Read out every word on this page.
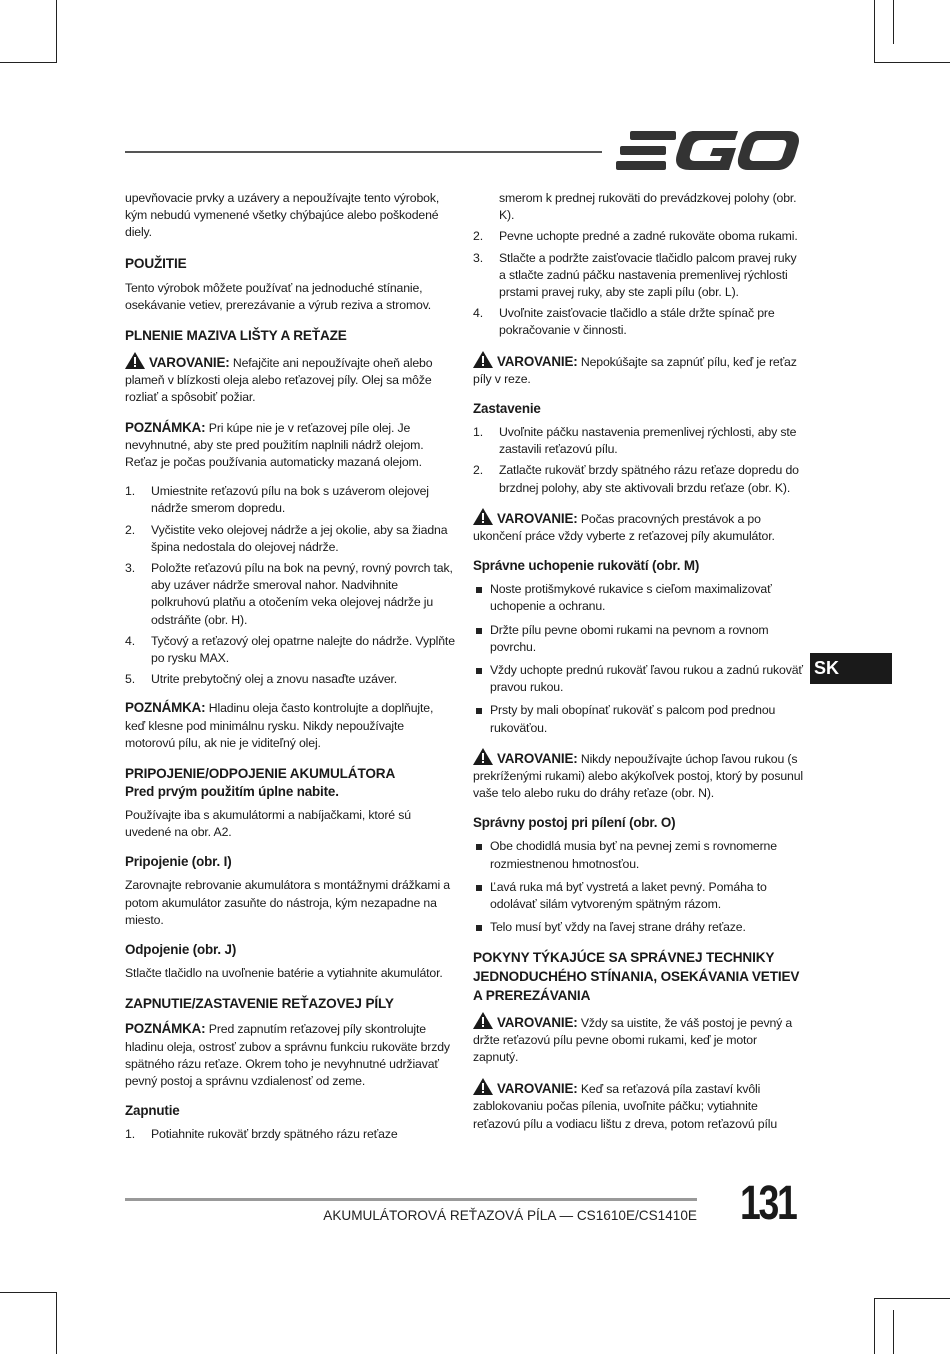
SK

upevňovacie prvky a uzávery a nepoužívajte tento výrobok, kým nebudú vymenené všetky chýbajúce alebo poškodené diely.

POUŽITIE

Tento výrobok môžete používať na jednoduché stínanie, osekávanie vetiev, prerezávanie a výrub reziva a stromov.

PLNENIE MAZIVA LIŠTY A REŤAZE

VAROVANIE: Nefajčite ani nepoužívajte oheň alebo plameň v blízkosti oleja alebo reťazovej píly. Olej sa môže rozliať a spôsobiť požiar.

POZNÁMKA: Pri kúpe nie je v reťazovej píle olej. Je nevyhnutné, aby ste pred použitím naplnili nádrž olejom. Reťaz je počas používania automaticky mazaná olejom.

1. Umiestnite reťazovú pílu na bok s uzáverom olejovej nádrže smerom dopredu.
2. Vyčistite veko olejovej nádrže a jej okolie, aby sa žiadna špina nedostala do olejovej nádrže.
3. Položte reťazovú pílu na bok na pevný, rovný povrch tak, aby uzáver nádrže smeroval nahor. Nadvihnite polkruhovú platňu a otočením veka olejovej nádrže ju odstráňte (obr. H).
4. Tyčový a reťazový olej opatrne nalejte do nádrže. Vyplňte po rysku MAX.
5. Utrite prebytočný olej a znovu nasaďte uzáver.

POZNÁMKA: Hladinu oleja často kontrolujte a doplňujte, keď klesne pod minimálnu rysku. Nikdy nepoužívajte motorovú pílu, ak nie je viditeľný olej.

PRIPOJENIE/ODPOJENIE AKUMULÁTORA
Pred prvým použitím úplne nabite.

Používajte iba s akumulátormi a nabíjačkami, ktoré sú uvedené na obr. A2.

Pripojenie (obr. I)

Zarovnajte rebrovanie akumulátora s montážnymi drážkami a potom akumulátor zasuňte do nástroja, kým nezapadne na miesto.

Odpojenie (obr. J)

Stlačte tlačidlo na uvoľnenie batérie a vytiahnite akumulátor.

ZAPNUTIE/ZASTAVENIE REŤAZOVEJ PÍLY

POZNÁMKA: Pred zapnutím reťazovej píly skontrolujte hladinu oleja, ostrosť zubov a správnu funkciu rukoväte brzdy spätného rázu reťaze. Okrem toho je nevyhnutné udržiavať pevný postoj a správnu vzdialenosť od zeme.

Zapnutie
1. Potiahnite rukoväť brzdy spätného rázu reťaze
smerom k prednej rukoväti do prevádzkovej polohy (obr. K).
2. Pevne uchopte predné a zadné rukoväte oboma rukami.
3. Stlačte a podržte zaisťovacie tlačidlo palcom pravej ruky a stlačte zadnú páčku nastavenia premenlivej rýchlosti prstami pravej ruky, aby ste zapli pílu (obr. L).
4. Uvoľnite zaisťovacie tlačidlo a stále držte spínač pre pokračovanie v činnosti.

VAROVANIE: Nepokúšajte sa zapnúť pílu, keď je reťaz píly v reze.

Zastavenie
1. Uvoľnite páčku nastavenia premenlivej rýchlosti, aby ste zastavili reťazovú pílu.
2. Zatlačte rukoväť brzdy spätného rázu reťaze dopredu do brzdnej polohy, aby ste aktivovali brzdu reťaze (obr. K).

VAROVANIE: Počas pracovných prestávok a po ukončení práce vždy vyberte z reťazovej píly akumulátor.

Správne uchopenie rukovätí (obr. M)
Noste protišmykové rukavice s cieľom maximalizovať uchopenie a ochranu.
Držte pílu pevne obomi rukami na pevnom a rovnom povrchu.
Vždy uchopte prednú rukoväť ľavou rukou a zadnú rukoväť pravou rukou.
Prsty by mali obopínať rukoväť s palcom pod prednou rukoväťou.

VAROVANIE: Nikdy nepoužívajte úchop ľavou rukou (s prekríženými rukami) alebo akýkoľvek postoj, ktorý by posunul vaše telo alebo ruku do dráhy reťaze (obr. N).

Správny postoj pri pílení (obr. O)
Obe chodidlá musia byť na pevnej zemi s rovnomerne rozmiestnenou hmotnosťou.
Ľavá ruka má byť vystretá a laket pevný. Pomáha to odolávať silám vytvoreným spätným rázom.
Telo musí byť vždy na ľavej strane dráhy reťaze.
POKYNY TÝKAJÚCE SA SPRÁVNEJ TECHNIKY JEDNODUCHÉHO STÍNANIA, OSEKÁVANIA VETIEV A PREREZÁVANIA

VAROVANIE: Vždy sa uistite, že váš postoj je pevný a držte reťazovú pílu pevne obomi rukami, keď je motor zapnutý.

VAROVANIE: Keď sa reťazová píla zastaví kvôli zablokovaniu počas pílenia, uvoľnite páčku; vytiahnite reťazovú pílu a vodiacu lištu z dreva, potom reťazovú pílu

AKUMULÁTOROVÁ REŤAZOVÁ PÍLA — CS1610E/CS1410E 131
